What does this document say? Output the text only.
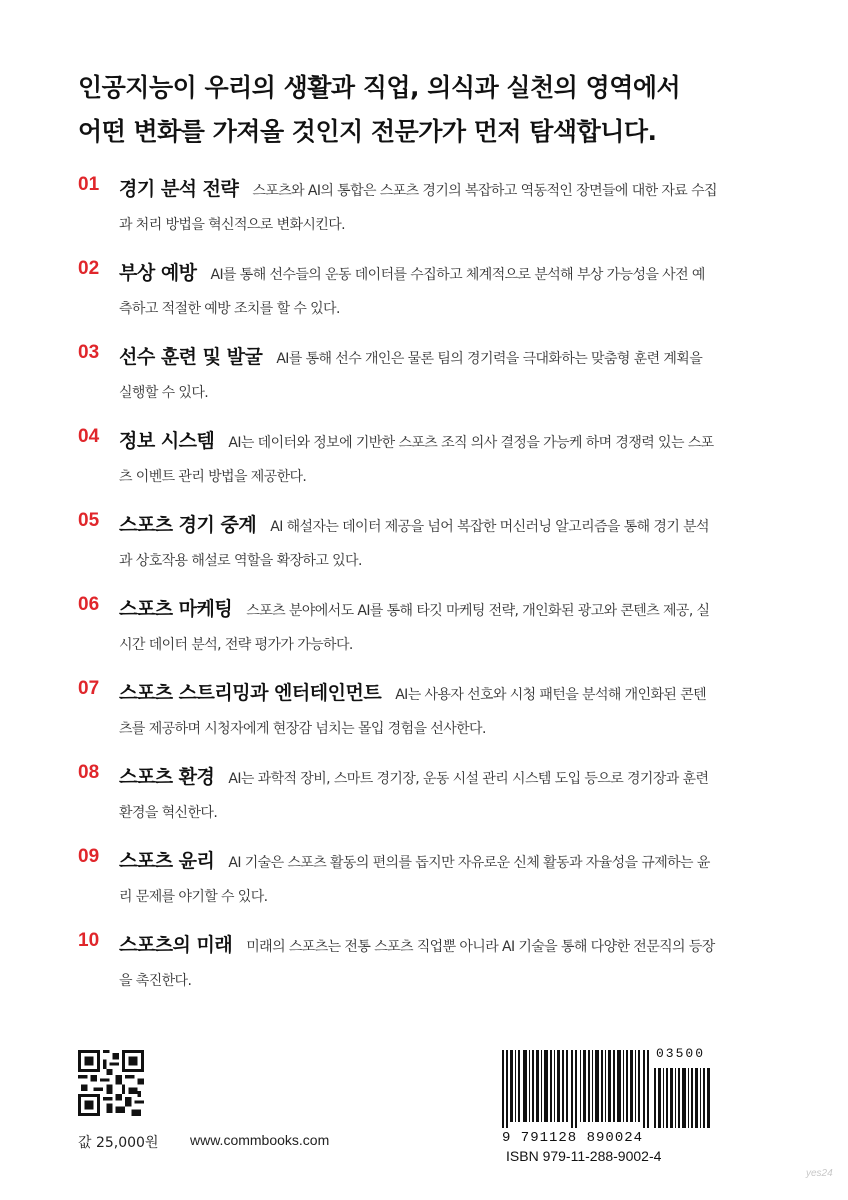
인공지능이 우리의 생활과 직업, 의식과 실천의 영역에서
어떤 변화를 가져올 것인지 전문가가 먼저 탐색합니다.
01	경기 분석 전략 스포츠와 AI의 통합은 스포츠 경기의 복잡하고 역동적인 장면들에 대한 자료 수집과 처리 방법을 혁신적으로 변화시킨다.
02	부상 예방 AI를 통해 선수들의 운동 데이터를 수집하고 체계적으로 분석해 부상 가능성을 사전 예측하고 적절한 예방 조치를 할 수 있다.
03	선수 훈련 및 발굴 AI를 통해 선수 개인은 물론 팀의 경기력을 극대화하는 맞춤형 훈련 계획을 실행할 수 있다.
04	정보 시스템 AI는 데이터와 정보에 기반한 스포츠 조직 의사 결정을 가능케 하며 경쟁력 있는 스포츠 이벤트 관리 방법을 제공한다.
05	스포츠 경기 중계 AI 해설자는 데이터 제공을 넘어 복잡한 머신러닝 알고리즘을 통해 경기 분석과 상호작용 해설로 역할을 확장하고 있다.
06	스포츠 마케팅 스포츠 분야에서도 AI를 통해 타깃 마케팅 전략, 개인화된 광고와 콘텐츠 제공, 실시간 데이터 분석, 전략 평가가 가능하다.
07	스포츠 스트리밍과 엔터테인먼트 AI는 사용자 선호와 시청 패턴을 분석해 개인화된 콘텐츠를 제공하며 시청자에게 현장감 넘치는 몰입 경험을 선사한다.
08	스포츠 환경 AI는 과학적 장비, 스마트 경기장, 운동 시설 관리 시스템 도입 등으로 경기장과 훈련 환경을 혁신한다.
09	스포츠 윤리 AI 기술은 스포츠 활동의 편의를 돕지만 자유로운 신체 활동과 자율성을 규제하는 윤리 문제를 야기할 수 있다.
10	스포츠의 미래 미래의 스포츠는 전통 스포츠 직업뿐 아니라 AI 기술을 통해 다양한 전문직의 등장을 촉진한다.
값 25,000원 www.commbooks.com
03500
9 791128 890024
ISBN 979-11-288-9002-4
yes24
